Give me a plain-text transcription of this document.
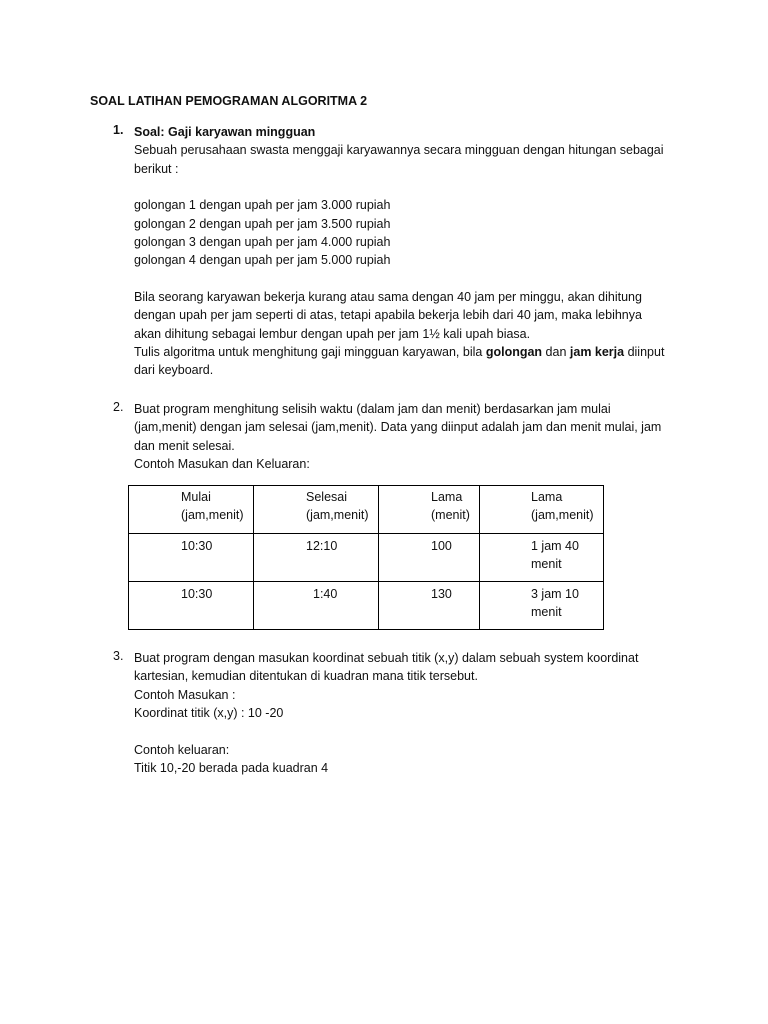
SOAL LATIHAN PEMOGRAMAN ALGORITMA 2
1. Soal: Gaji karyawan mingguan
Sebuah perusahaan swasta menggaji karyawannya secara mingguan dengan hitungan sebagai
berikut :
golongan 1 dengan upah per jam 3.000 rupiah
golongan 2 dengan upah per jam 3.500 rupiah
golongan 3 dengan upah per jam 4.000 rupiah
golongan 4 dengan upah per jam 5.000 rupiah
Bila seorang karyawan bekerja kurang atau sama dengan 40 jam per minggu, akan dihitung
dengan upah per jam seperti di atas, tetapi apabila bekerja lebih dari 40 jam, maka lebihnya
akan dihitung sebagai lembur dengan upah per jam 1½ kali upah biasa.
Tulis algoritma untuk menghitung gaji mingguan karyawan, bila golongan dan jam kerja diinput
dari keyboard.
2. Buat program menghitung selisih waktu (dalam jam dan menit) berdasarkan jam mulai
(jam,menit) dengan jam selesai (jam,menit). Data yang diinput adalah jam dan menit mulai, jam
dan menit selesai.
Contoh Masukan dan Keluaran:
Mulai
(jam,menit)	Selesai
(jam,menit)	Lama
(menit)	Lama
(jam,menit)

10:30	12:10	100	1 jam 40
menit

10:30	1:40	130	3 jam 10
menit
3. Buat program dengan masukan koordinat sebuah titik (x,y) dalam sebuah system koordinat
kartesian, kemudian ditentukan di kuadran mana titik tersebut.
Contoh Masukan :
Koordinat titik (x,y) : 10 -20
Contoh keluaran:
Titik 10,-20 berada pada kuadran 4
